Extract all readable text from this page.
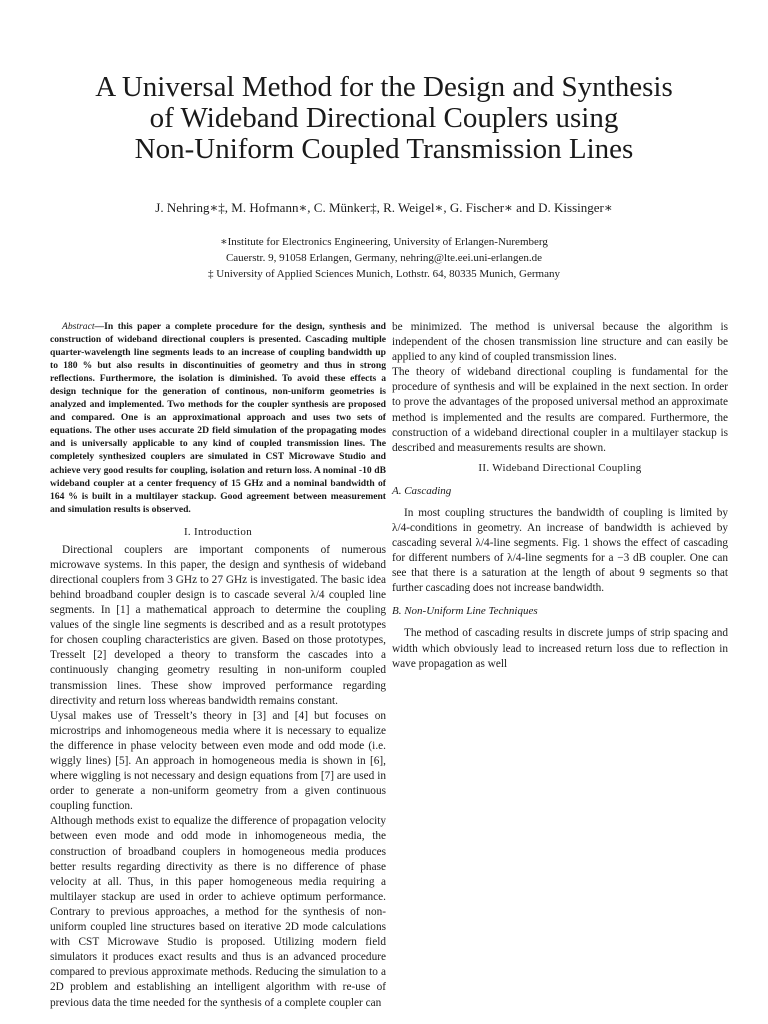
A Universal Method for the Design and Synthesis
of Wideband Directional Couplers using
Non-Uniform Coupled Transmission Lines
J. Nehring∗‡, M. Hofmann∗, C. Münker‡, R. Weigel∗, G. Fischer∗ and D. Kissinger∗
∗Institute for Electronics Engineering, University of Erlangen-Nuremberg
Cauerstr. 9, 91058 Erlangen, Germany, nehring@lte.eei.uni-erlangen.de
‡ University of Applied Sciences Munich, Lothstr. 64, 80335 Munich, Germany

Abstract—In this paper a complete procedure for the design, synthesis and construction of wideband directional couplers is presented. Cascading multiple quarter-wavelength line segments leads to an increase of coupling bandwidth up to 180 % but also results in discontinuities of geometry and thus in strong reflections. Furthermore, the isolation is diminished. To avoid these effects a design technique for the generation of continous, non-uniform geometries is analyzed and implemented. Two methods for the coupler synthesis are proposed and compared. One is an approximational approach and uses two sets of equations. The other uses accurate 2D field simulation of the propagating modes and is universally applicable to any kind of coupled transmission lines. The completely synthesized couplers are simulated in CST Microwave Studio and achieve very good results for coupling, isolation and return loss. A nominal -10 dB wideband coupler at a center frequency of 15 GHz and a nominal bandwidth of 164 % is built in a multilayer stackup. Good agreement between measurement and simulation results is observed.

I. Introduction

Directional couplers are important components of numerous microwave systems. In this paper, the design and synthesis of wideband directional couplers from 3 GHz to 27 GHz is investigated. The basic idea behind broadband coupler design is to cascade several λ/4 coupled line segments. In [1] a mathematical approach to determine the coupling values of the single line segments is described and as a result prototypes for chosen coupling characteristics are given. Based on those prototypes, Tresselt [2] developed a theory to transform the cascades into a continuously changing geometry resulting in non-uniform coupled transmission lines. These show improved performance regarding directivity and return loss whereas bandwidth remains constant.

Uysal makes use of Tresselt’s theory in [3] and [4] but focuses on microstrips and inhomogeneous media where it is necessary to equalize the difference in phase velocity between even mode and odd mode (i.e. wiggly lines) [5]. An approach in homogeneous media is shown in [6], where wiggling is not necessary and design equations from [7] are used in order to generate a non-uniform geometry from a given continuous coupling function.

Although methods exist to equalize the difference of propagation velocity between even mode and odd mode in inhomogeneous media, the construction of broadband couplers in homogeneous media produces better results regarding directivity as there is no difference of phase velocity at all. Thus, in this paper homogeneous media requiring a multilayer stackup are used in order to achieve optimum performance. Contrary to previous approaches, a method for the synthesis of non-uniform coupled line structures based on iterative 2D mode calculations with CST Microwave Studio is proposed. Utilizing modern field simulators it produces exact results and thus is an advanced procedure compared to previous approximate methods. Reducing the simulation to a 2D problem and establishing an intelligent algorithm with re-use of previous data the time needed for the synthesis of a complete coupler can

be minimized. The method is universal because the algorithm is independent of the chosen transmission line structure and can easily be applied to any kind of coupled transmission lines.

The theory of wideband directional coupling is fundamental for the procedure of synthesis and will be explained in the next section. In order to prove the advantages of the proposed universal method an approximate method is implemented and the results are compared. Furthermore, the construction of a wideband directional coupler in a multilayer stackup is described and measurements results are shown.

II. Wideband Directional Coupling
A. Cascading

In most coupling structures the bandwidth of coupling is limited by λ/4-conditions in geometry. An increase of bandwidth is achieved by cascading several λ/4-line segments. Fig. 1 shows the effect of cascading for different numbers of λ/4-line segments for a −3 dB coupler. One can see that there is a saturation at the length of about 9 segments so that further cascading does not increase bandwidth.

B. Non-Uniform Line Techniques

The method of cascading results in discrete jumps of strip spacing and width which obviously lead to increased return loss due to reflection in wave propagation as well
